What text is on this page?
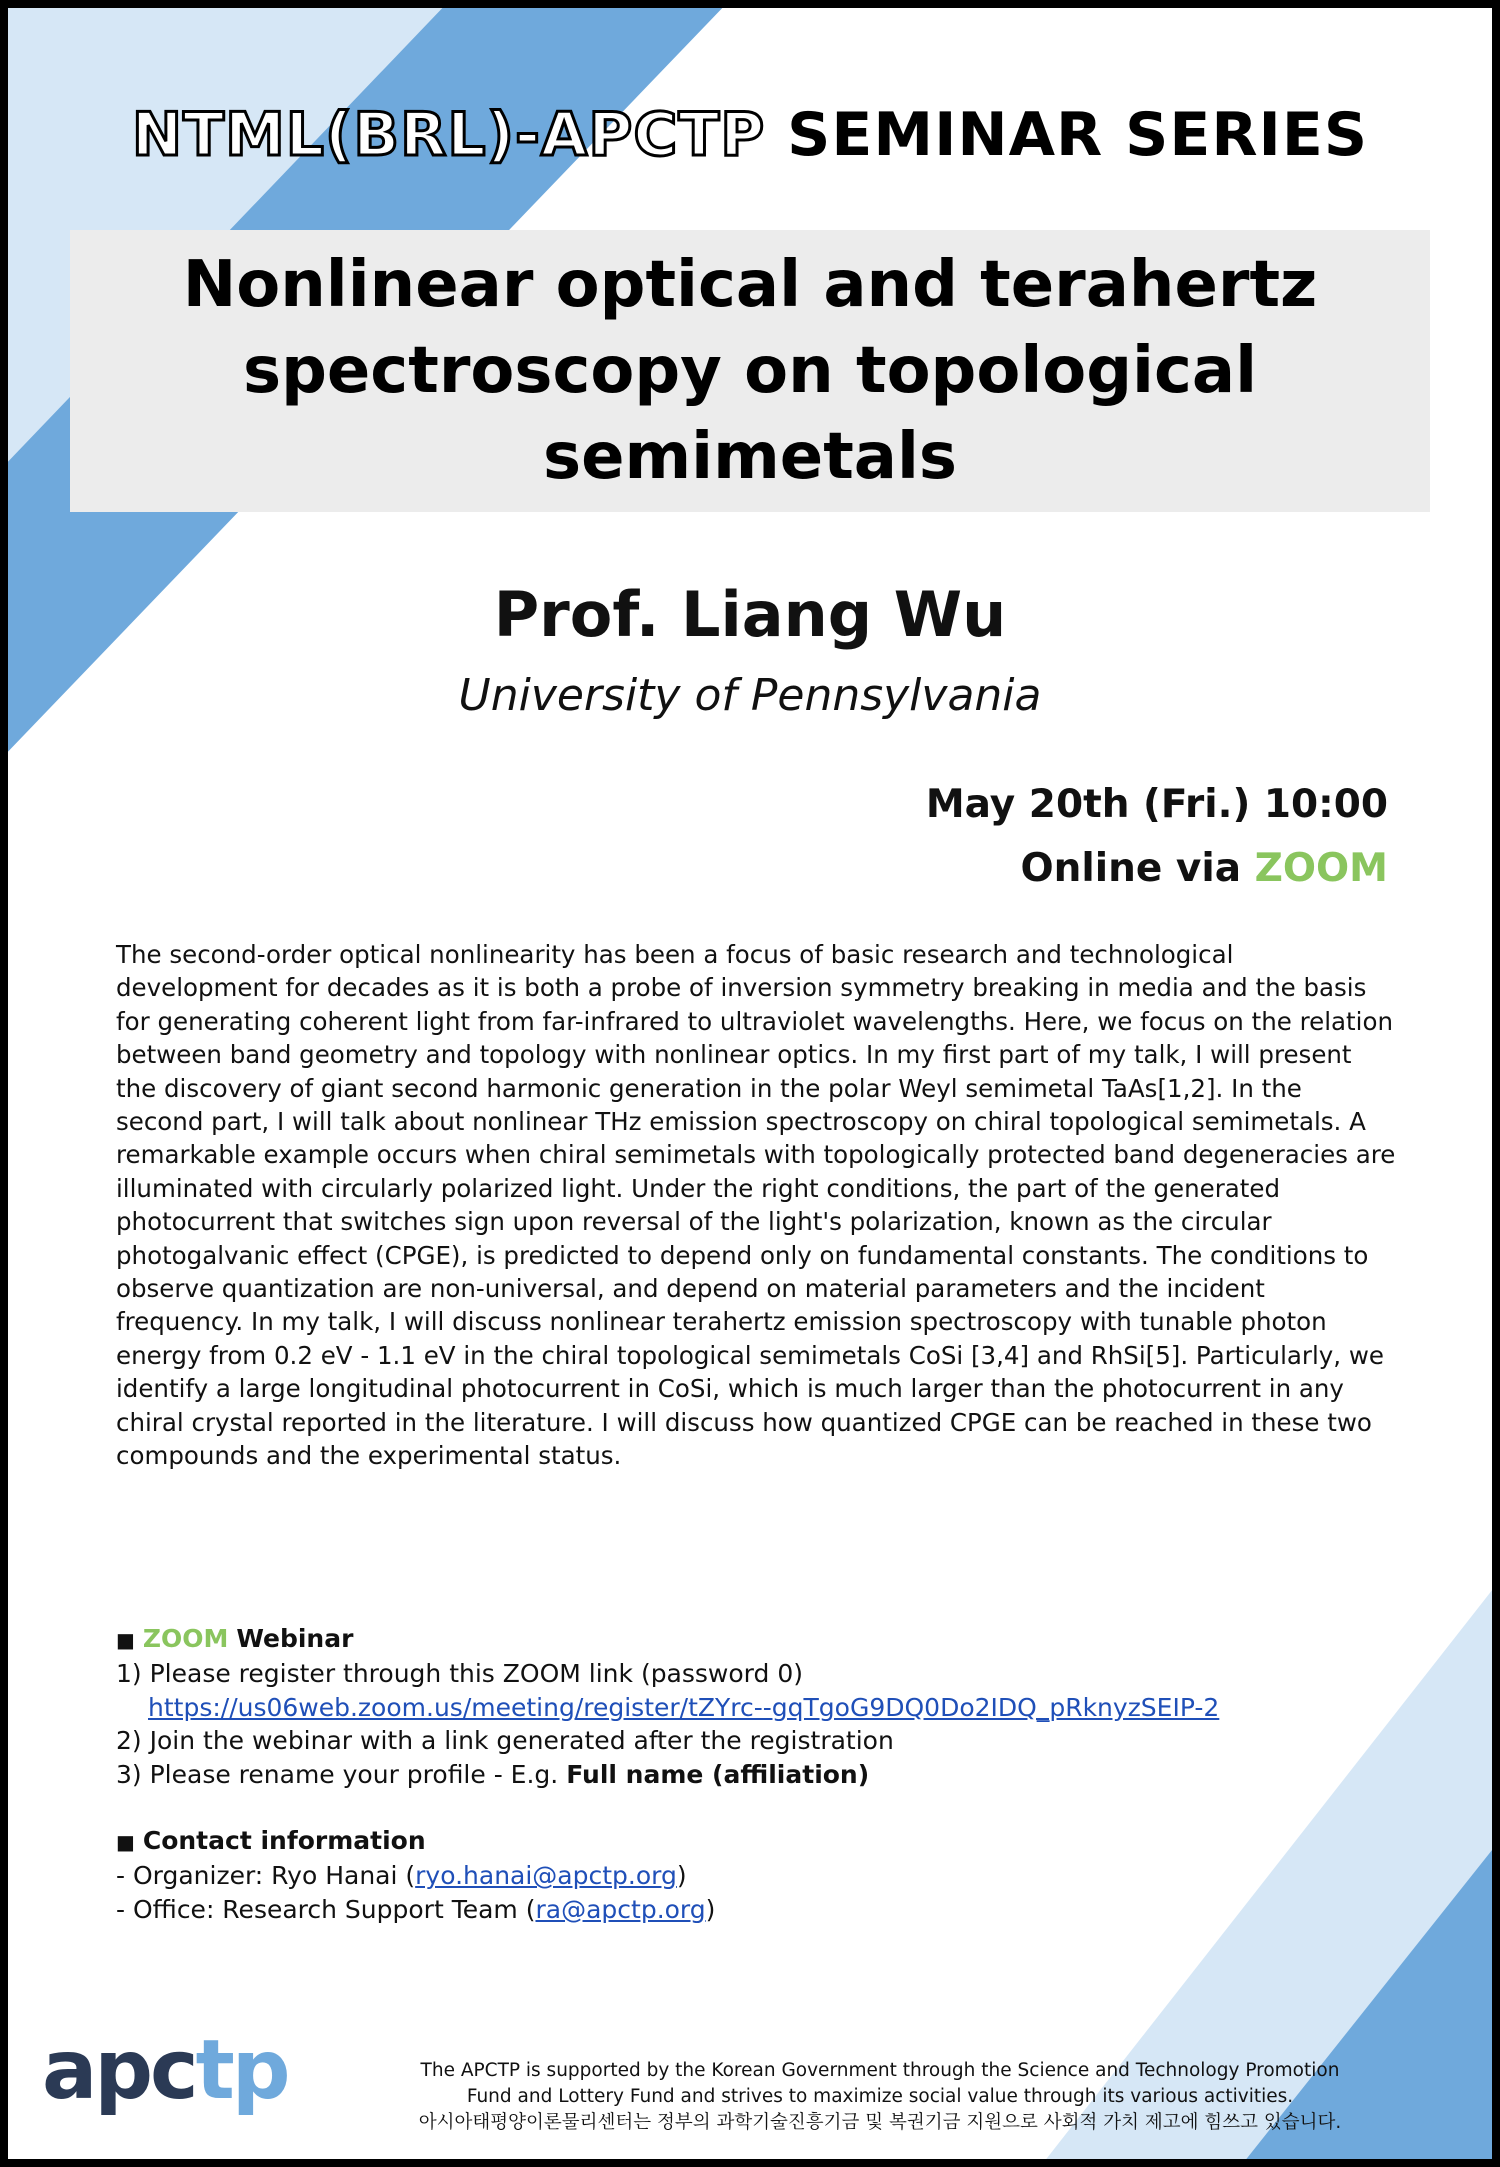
NTML(BRL)-APCTP SEMINAR SERIES
Nonlinear optical and terahertz spectroscopy on topological semimetals
Prof. Liang Wu
University of Pennsylvania
May 20th (Fri.) 10:00
Online via ZOOM

The second-order optical nonlinearity has been a focus of basic research and technological development for decades as it is both a probe of inversion symmetry breaking in media and the basis for generating coherent light from far-infrared to ultraviolet wavelengths. Here, we focus on the relation between band geometry and topology with nonlinear optics. In my first part of my talk, I will present the discovery of giant second harmonic generation in the polar Weyl semimetal TaAs[1,2]. In the second part, I will talk about nonlinear THz emission spectroscopy on chiral topological semimetals. A remarkable example occurs when chiral semimetals with topologically protected band degeneracies are illuminated with circularly polarized light. Under the right conditions, the part of the generated photocurrent that switches sign upon reversal of the light's polarization, known as the circular photogalvanic effect (CPGE), is predicted to depend only on fundamental constants. The conditions to observe quantization are non-universal, and depend on material parameters and the incident frequency. In my talk, I will discuss nonlinear terahertz emission spectroscopy with tunable photon energy from 0.2 eV - 1.1 eV in the chiral topological semimetals CoSi [3,4] and RhSi[5]. Particularly, we identify a large longitudinal photocurrent in CoSi, which is much larger than the photocurrent in any chiral crystal reported in the literature. I will discuss how quantized CPGE can be reached in these two compounds and the experimental status.

■ ZOOM Webinar

1) Please register through this ZOOM link (password 0)

https://us06web.zoom.us/meeting/register/tZYrc--gqTgoG9DQ0Do2IDQ_pRknyzSEIP-2

2) Join the webinar with a link generated after the registration

3) Please rename your profile - E.g. Full name (affiliation)

■ Contact information

- Organizer: Ryo Hanai (ryo.hanai@apctp.org)

- Office: Research Support Team (ra@apctp.org)

apctp	The APCTP is supported by the Korean Government through the Science and Technology Promotion

Fund and Lottery Fund and strives to maximize social value through its various activities.

아시아태평양이론물리센터는 정부의 과학기술진흥기금 및 복권기금 지원으로 사회적 가치 제고에 힘쓰고 있습니다.
